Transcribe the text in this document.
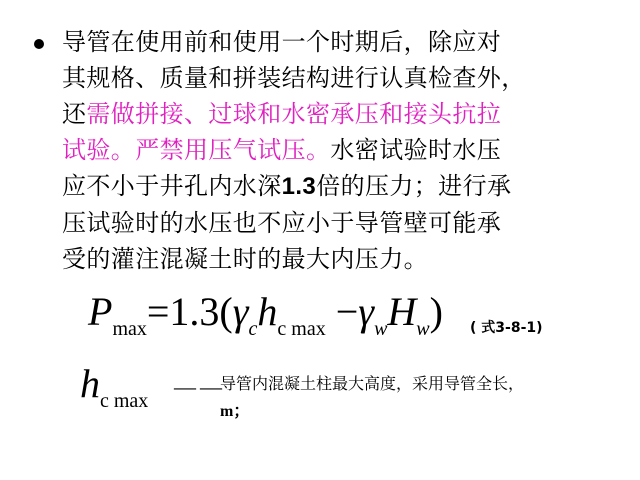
导管在使用前和使用一个时期后，除应对
其规格、质量和拼装结构进行认真检查外，
还需做拼接、过球和水密承压和接头抗拉
试验。严禁用压气试压。水密试验时水压
应不小于井孔内水深1.3倍的压力；进行承
压试验时的水压也不应小于导管壁可能承
受的灌注混凝土时的最大内压力。
$P_{max}=1.3(\gamma_ch_{c max} -\gamma_wH_w)$ ( 式3-8-1)
$h_{c max}$
——
导管内混凝土柱最大高度，采用导管全长，
m；
